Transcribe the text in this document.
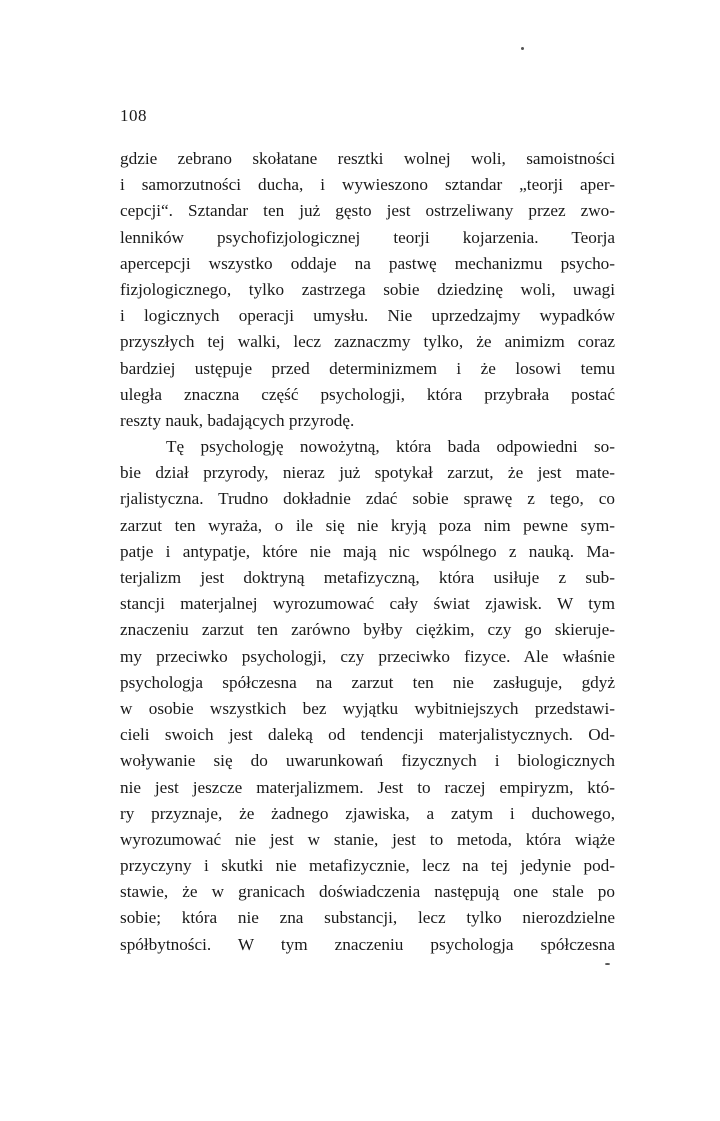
108
gdzie zebrano skołatane resztki wolnej woli, samoistności
i samorzutności ducha, i wywieszono sztandar „teorji aper-
cepcji“. Sztandar ten już gęsto jest ostrzeliwany przez zwo-
lenników psychofizjologicznej teorji kojarzenia. Teorja
apercepcji wszystko oddaje na pastwę mechanizmu psycho-
fizjologicznego, tylko zastrzega sobie dziedzinę woli, uwagi
i logicznych operacji umysłu. Nie uprzedzajmy wypadków
przyszłych tej walki, lecz zaznaczmy tylko, że animizm coraz
bardziej ustępuje przed determinizmem i że losowi temu
uległa znaczna część psychologji, która przybrała postać
reszty nauk, badających przyrodę.
Tę psychologję nowożytną, która bada odpowiedni so-
bie dział przyrody, nieraz już spotykał zarzut, że jest mate-
rjalistyczna. Trudno dokładnie zdać sobie sprawę z tego, co
zarzut ten wyraża, o ile się nie kryją poza nim pewne sym-
patje i antypatje, które nie mają nic wspólnego z nauką. Ma-
terjalizm jest doktryną metafizyczną, która usiłuje z sub-
stancji materjalnej wyrozumować cały świat zjawisk. W tym
znaczeniu zarzut ten zarówno byłby ciężkim, czy go skieruje-
my przeciwko psychologji, czy przeciwko fizyce. Ale właśnie
psychologja spółczesna na zarzut ten nie zasługuje, gdyż
w osobie wszystkich bez wyjątku wybitniejszych przedstawi-
cieli swoich jest daleką od tendencji materjalistycznych. Od-
woływanie się do uwarunkowań fizycznych i biologicznych
nie jest jeszcze materjalizmem. Jest to raczej empiryzm, któ-
ry przyznaje, że żadnego zjawiska, a zatym i duchowego,
wyrozumować nie jest w stanie, jest to metoda, która wiąże
przyczyny i skutki nie metafizycznie, lecz na tej jedynie pod-
stawie, że w granicach doświadczenia następują one stale po
sobie; która nie zna substancji, lecz tylko nierozdzielne
spółbytności. W tym znaczeniu psychologja spółczesna
